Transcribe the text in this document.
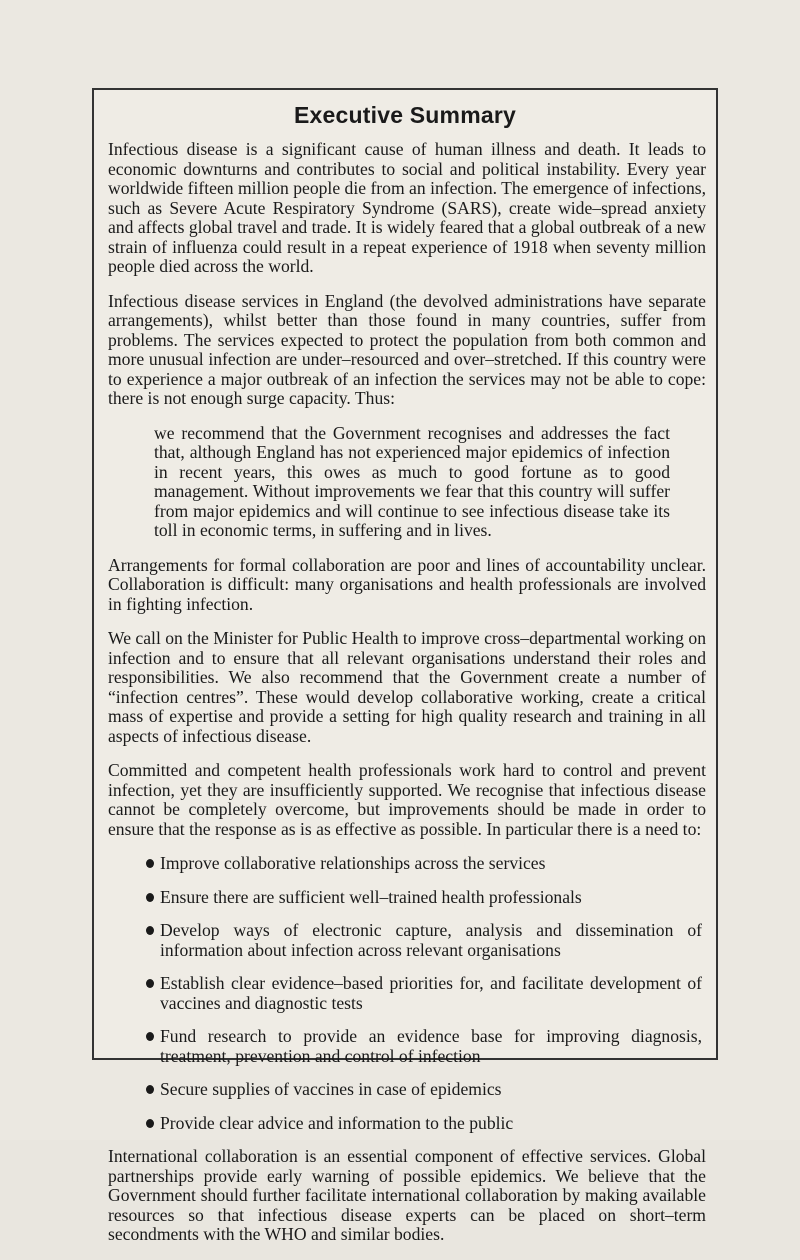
Executive Summary

Infectious disease is a significant cause of human illness and death. It leads to economic downturns and contributes to social and political instability. Every year worldwide fifteen million people die from an infection. The emergence of infections, such as Severe Acute Respiratory Syndrome (SARS), create wide–spread anxiety and affects global travel and trade. It is widely feared that a global outbreak of a new strain of influenza could result in a repeat experience of 1918 when seventy million people died across the world.

Infectious disease services in England (the devolved administrations have separate arrangements), whilst better than those found in many countries, suffer from problems. The services expected to protect the population from both common and more unusual infection are under–resourced and over–stretched. If this country were to experience a major outbreak of an infection the services may not be able to cope: there is not enough surge capacity. Thus:

we recommend that the Government recognises and addresses the fact that, although England has not experienced major epidemics of infection in recent years, this owes as much to good fortune as to good management. Without improvements we fear that this country will suffer from major epidemics and will continue to see infectious disease take its toll in economic terms, in suffering and in lives.

Arrangements for formal collaboration are poor and lines of accountability unclear. Collaboration is difficult: many organisations and health professionals are involved in fighting infection.

We call on the Minister for Public Health to improve cross–departmental working on infection and to ensure that all relevant organisations understand their roles and responsibilities. We also recommend that the Government create a number of “infection centres”. These would develop collaborative working, create a critical mass of expertise and provide a setting for high quality research and training in all aspects of infectious disease.

Committed and competent health professionals work hard to control and prevent infection, yet they are insufficiently supported. We recognise that infectious disease cannot be completely overcome, but improvements should be made in order to ensure that the response as is as effective as possible. In particular there is a need to:

Improve collaborative relationships across the services
Ensure there are sufficient well–trained health professionals
Develop ways of electronic capture, analysis and dissemination of information about infection across relevant organisations
Establish clear evidence–based priorities for, and facilitate development of vaccines and diagnostic tests
Fund research to provide an evidence base for improving diagnosis, treatment, prevention and control of infection
Secure supplies of vaccines in case of epidemics
Provide clear advice and information to the public

International collaboration is an essential component of effective services. Global partnerships provide early warning of possible epidemics. We believe that the Government should further facilitate international collaboration by making available resources so that infectious disease experts can be placed on short–term secondments with the WHO and similar bodies.
